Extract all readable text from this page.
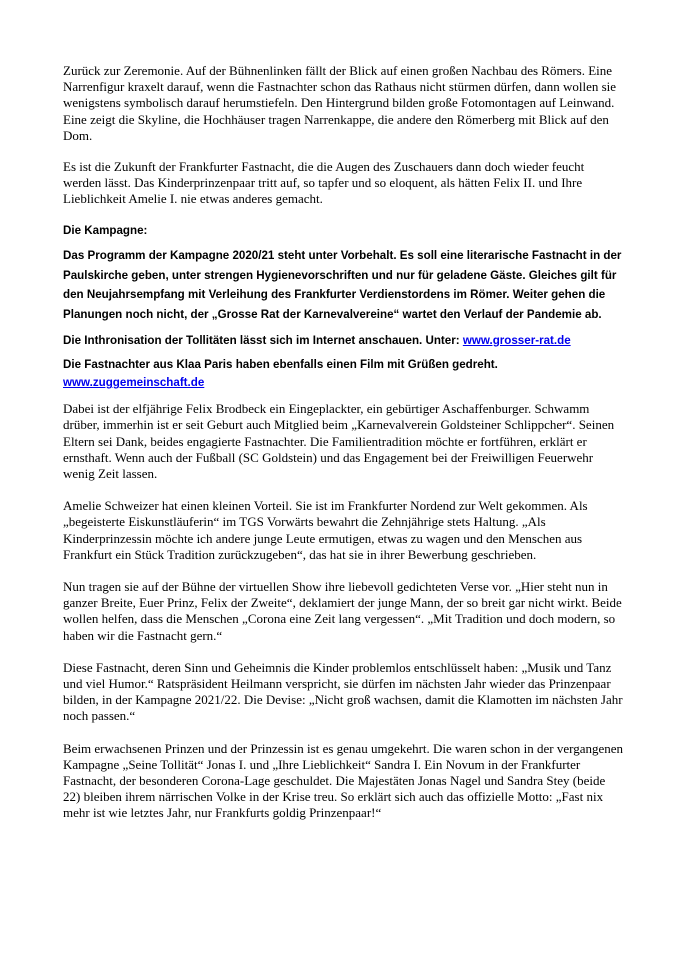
Zurück zur Zeremonie. Auf der Bühnenlinken fällt der Blick auf einen großen Nachbau des Römers. Eine Narrenfigur kraxelt darauf, wenn die Fastnachter schon das Rathaus nicht stürmen dürfen, dann wollen sie wenigstens symbolisch darauf herumstiefeln. Den Hintergrund bilden große Fotomontagen auf Leinwand. Eine zeigt die Skyline, die Hochhäuser tragen Narrenkappe, die andere den Römerberg mit Blick auf den Dom.

Es ist die Zukunft der Frankfurter Fastnacht, die die Augen des Zuschauers dann doch wieder feucht werden lässt. Das Kinderprinzenpaar tritt auf, so tapfer und so eloquent, als hätten Felix II. und Ihre Lieblichkeit Amelie I. nie etwas anderes gemacht.

Die Kampagne:

Das Programm der Kampagne 2020/21 steht unter Vorbehalt. Es soll eine literarische Fastnacht in der Paulskirche geben, unter strengen Hygienevorschriften und nur für geladene Gäste. Gleiches gilt für den Neujahrsempfang mit Verleihung des Frankfurter Verdienstordens im Römer. Weiter gehen die Planungen noch nicht, der „Grosse Rat der Karnevalvereine“ wartet den Verlauf der Pandemie ab.

Die Inthronisation der Tollitäten lässt sich im Internet anschauen. Unter: www.grosser-rat.de

Die Fastnachter aus Klaa Paris haben ebenfalls einen Film mit Grüßen gedreht. www.zuggemeinschaft.de

Dabei ist der elfjährige Felix Brodbeck ein Eingeplackter, ein gebürtiger Aschaffenburger. Schwamm drüber, immerhin ist er seit Geburt auch Mitglied beim „Karnevalverein Goldsteiner Schlippcher“. Seinen Eltern sei Dank, beides engagierte Fastnachter. Die Familientradition möchte er fortführen, erklärt er ernsthaft. Wenn auch der Fußball (SC Goldstein) und das Engagement bei der Freiwilligen Feuerwehr wenig Zeit lassen.

Amelie Schweizer hat einen kleinen Vorteil. Sie ist im Frankfurter Nordend zur Welt gekommen. Als „begeisterte Eiskunstläuferin“ im TGS Vorwärts bewahrt die Zehnjährige stets Haltung. „Als Kinderprinzessin möchte ich andere junge Leute ermutigen, etwas zu wagen und den Menschen aus Frankfurt ein Stück Tradition zurückzugeben“, das hat sie in ihrer Bewerbung geschrieben.

Nun tragen sie auf der Bühne der virtuellen Show ihre liebevoll gedichteten Verse vor. „Hier steht nun in ganzer Breite, Euer Prinz, Felix der Zweite“, deklamiert der junge Mann, der so breit gar nicht wirkt. Beide wollen helfen, dass die Menschen „Corona eine Zeit lang vergessen“. „Mit Tradition und doch modern, so haben wir die Fastnacht gern.“

Diese Fastnacht, deren Sinn und Geheimnis die Kinder problemlos entschlüsselt haben: „Musik und Tanz und viel Humor.“ Ratspräsident Heilmann verspricht, sie dürfen im nächsten Jahr wieder das Prinzenpaar bilden, in der Kampagne 2021/22. Die Devise: „Nicht groß wachsen, damit die Klamotten im nächsten Jahr noch passen.“

Beim erwachsenen Prinzen und der Prinzessin ist es genau umgekehrt. Die waren schon in der vergangenen Kampagne „Seine Tollität“ Jonas I. und „Ihre Lieblichkeit“ Sandra I. Ein Novum in der Frankfurter Fastnacht, der besonderen Corona-Lage geschuldet. Die Majestäten Jonas Nagel und Sandra Stey (beide 22) bleiben ihrem närrischen Volke in der Krise treu. So erklärt sich auch das offizielle Motto: „Fast nix mehr ist wie letztes Jahr, nur Frankfurts goldig Prinzenpaar!“
